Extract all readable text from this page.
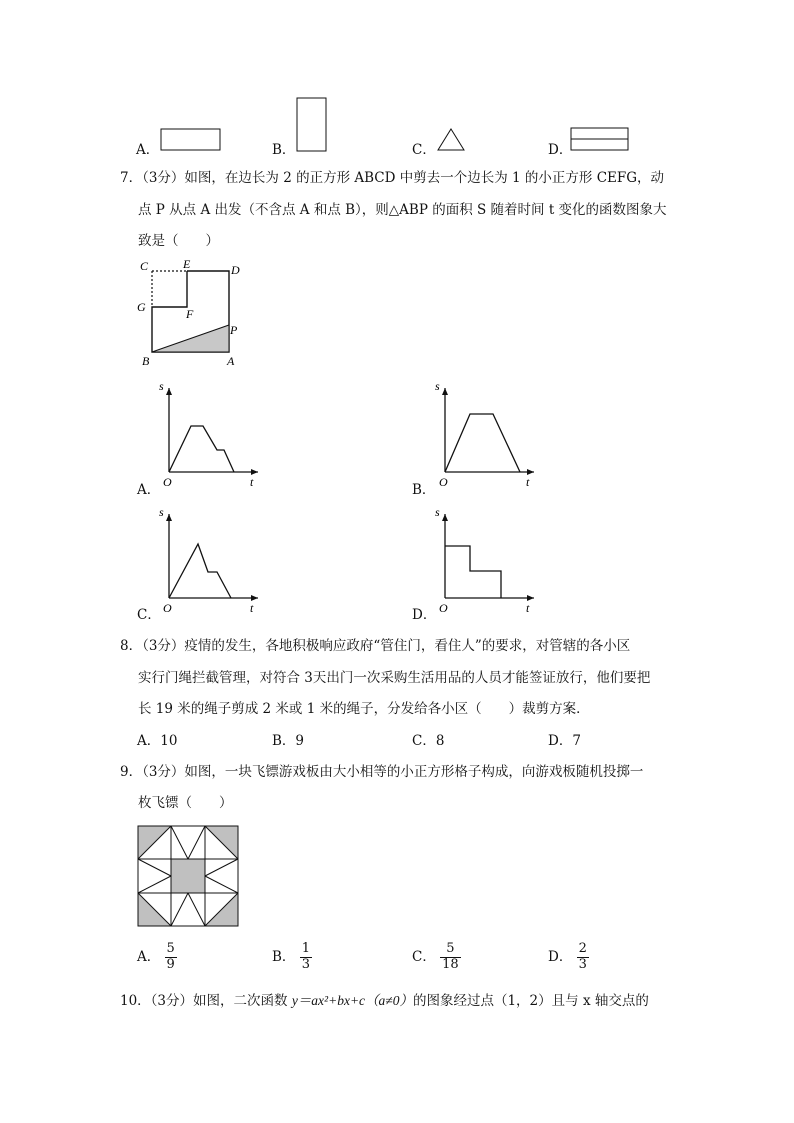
A．	B．	C．	D．
7．（3分）如图，在边长为 2 的正方形 ABCD 中剪去一个边长为 1 的小正方形 CEFG，动
点 P 从点 A 出发（不含点 A 和点 B），则△ABP 的面积 S 随着时间 t 变化的函数图象大
致是（　　）
C	E	D
G	F
P
B	A
A．
s
O	t	B．
s
O	t
C．
s
O	t	D．
s
O	t
8．（3分）疫情的发生，各地积极响应政府“管住门，看住人”的要求，对管辖的各小区
实行门绳拦截管理，对符合 3天出门一次采购生活用品的人员才能签证放行，他们要把
长 19 米的绳子剪成 2 米或 1 米的绳子，分发给各小区（　　）裁剪方案．
A．10	B．9	C．8	D．7
9．（3分）如图，一块飞镖游戏板由大小相等的小正方形格子构成，向游戏板随机投掷一
枚飞镖（　　）
A． $\frac{5}{9}$	B． $\frac{1}{3}$	C． $\frac{5}{18}$	D． $\frac{2}{3}$
10．（3分）如图，二次函数 y＝ax²+bx+c（a≠0）的图象经过点（1，2）且与 x 轴交点的
